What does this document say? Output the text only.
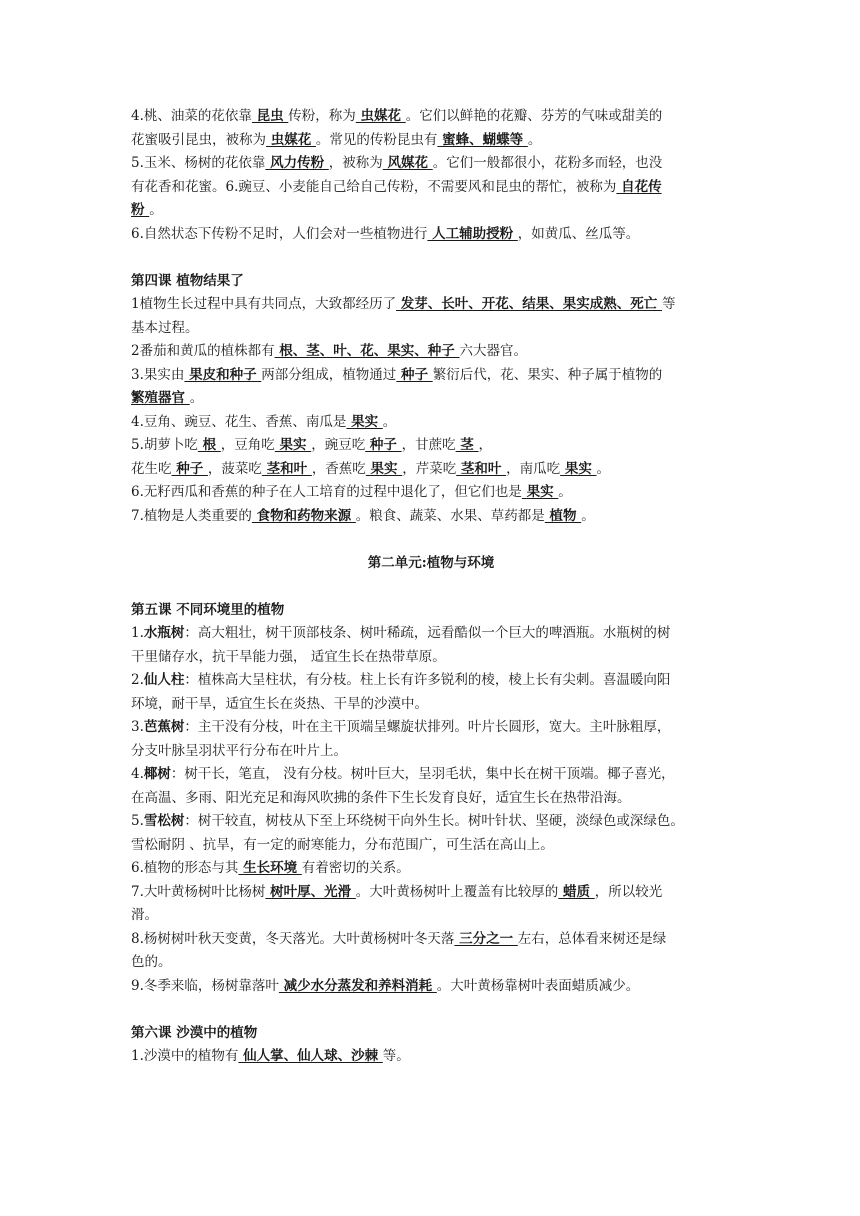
4.桃、油菜的花依靠 昆虫 传粉，称为 虫媒花 。它们以鲜艳的花瓣、芬芳的气味或甜美的
花蜜吸引昆虫，被称为 虫媒花 。常见的传粉昆虫有 蜜蜂、蝴蝶等 。
5.玉米、杨树的花依靠 风力传粉 ，被称为 风媒花 。它们一般都很小，花粉多而轻，也没
有花香和花蜜。6.豌豆、小麦能自己给自己传粉，不需要风和昆虫的帮忙，被称为 自花传
粉 。
6.自然状态下传粉不足时，人们会对一些植物进行 人工辅助授粉 ，如黄瓜、丝瓜等。
第四课 植物结果了
1植物生长过程中具有共同点，大致都经历了 发芽、长叶、开花、结果、果实成熟、死亡 等
基本过程。
2番茄和黄瓜的植株都有 根、茎、叶、花、果实、种子 六大器官。
3.果实由 果皮和种子 两部分组成，植物通过 种子 繁衍后代，花、果实、种子属于植物的
繁殖器官 。
4.豆角、豌豆、花生、香蕉、南瓜是 果实 。
5.胡萝卜吃 根 ，豆角吃 果实 ，豌豆吃 种子 ，甘蔗吃 茎 ，
花生吃 种子 ，菠菜吃 茎和叶 ，香蕉吃 果实 ，芹菜吃 茎和叶 ，南瓜吃 果实 。
6.无籽西瓜和香蕉的种子在人工培育的过程中退化了，但它们也是 果实 。
7.植物是人类重要的 食物和药物来源 。粮食、蔬菜、水果、草药都是 植物 。
第二单元:植物与环境
第五课 不同环境里的植物
1.水瓶树：高大粗壮，树干顶部枝条、树叶稀疏，远看酷似一个巨大的啤酒瓶。水瓶树的树
干里储存水，抗干旱能力强， 适宜生长在热带草原。
2.仙人柱：植株高大呈柱状，有分枝。柱上长有许多锐利的棱，棱上长有尖刺。喜温暖向阳
环境，耐干旱，适宜生长在炎热、干旱的沙漠中。
3.芭蕉树：主干没有分枝，叶在主干顶端呈螺旋状排列。叶片长圆形，宽大。主叶脉粗厚，
分支叶脉呈羽状平行分布在叶片上。
4.椰树：树干长，笔直， 没有分枝。树叶巨大，呈羽毛状，集中长在树干顶端。椰子喜光，
在高温、多雨、阳光充足和海风吹拂的条件下生长发育良好，适宜生长在热带沿海。
5.雪松树：树干较直，树枝从下至上环绕树干向外生长。树叶针状、坚硬，淡绿色或深绿色。
雪松耐阴 、抗旱，有一定的耐寒能力，分布范围广，可生活在高山上。
6.植物的形态与其 生长环境 有着密切的关系。
7.大叶黄杨树叶比杨树 树叶厚、光滑 。大叶黄杨树叶上覆盖有比较厚的 蜡质 ，所以较光
滑。
8.杨树树叶秋天变黄，冬天落光。大叶黄杨树叶冬天落 三分之一 左右，总体看来树还是绿
色的。
9.冬季来临，杨树靠落叶 减少水分蒸发和养料消耗 。大叶黄杨靠树叶表面蜡质减少。
第六课 沙漠中的植物
1.沙漠中的植物有 仙人掌、仙人球、沙棘 等。
